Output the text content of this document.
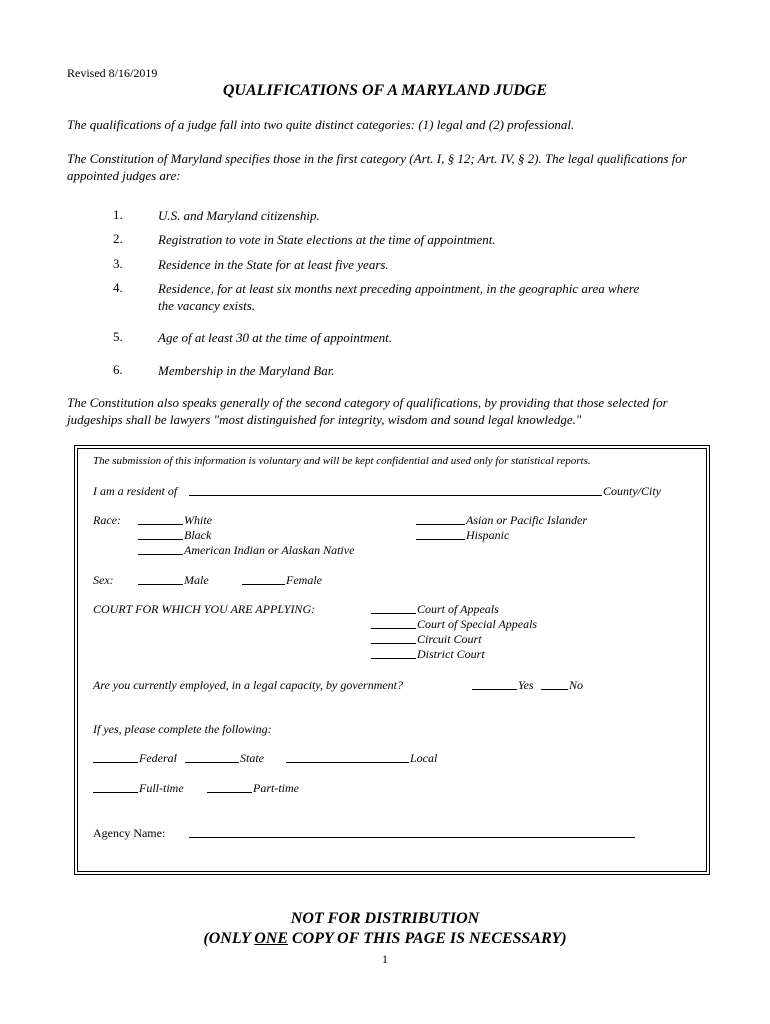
Revised 8/16/2019
QUALIFICATIONS OF A MARYLAND JUDGE
The qualifications of a judge fall into two quite distinct categories: (1) legal and (2) professional.
The Constitution of Maryland specifies those in the first category (Art. I, § 12; Art. IV, § 2). The legal qualifications for appointed judges are:
1.	U.S. and Maryland citizenship.
2.	Registration to vote in State elections at the time of appointment.
3.	Residence in the State for at least five years.
4.	Residence, for at least six months next preceding appointment, in the geographic area where the vacancy exists.
5.	Age of at least 30 at the time of appointment.
6.	Membership in the Maryland Bar.
The Constitution also speaks generally of the second category of qualifications, by providing that those selected for judgeships shall be lawyers "most distinguished for integrity, wisdom and sound legal knowledge."
The submission of this information is voluntary and will be kept confidential and used only for statistical reports.
I am a resident of	County/City
Race:	White
Black
American Indian or Alaskan Native
Asian or Pacific Islander
Hispanic
Sex:	Male	Female
COURT FOR WHICH YOU ARE APPLYING:	Court of Appeals
Court of Special Appeals
Circuit Court
District Court
Are you currently employed, in a legal capacity, by government?	Yes	No
If yes, please complete the following:
Federal	State	Local
Full-time	Part-time
Agency Name:
NOT FOR DISTRIBUTION
(ONLY ONE COPY OF THIS PAGE IS NECESSARY)
1
